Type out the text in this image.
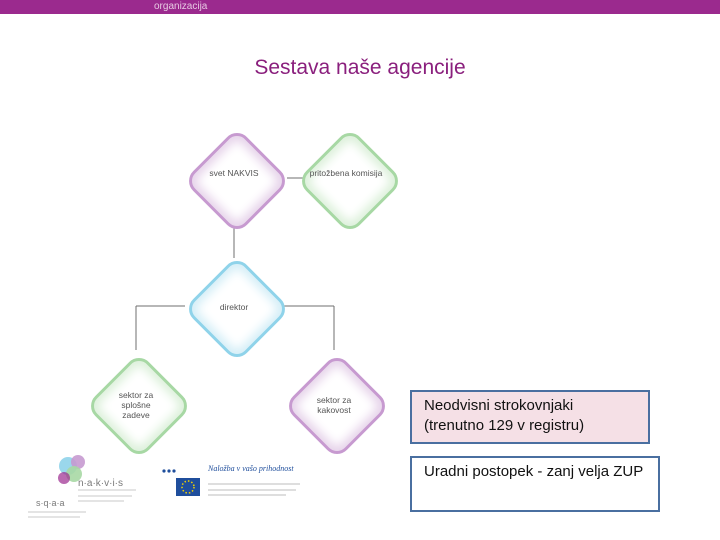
organizacija
Sestava naše agencije
svet NAKVIS	pritožbena komisija
direktor
sektor za splošne zadeve
sektor za kakovost	Neodvisni strokovnjaki (trenutno 129 v registru)
Uradni postopek - zanj velja ZUP
n·a·k·v·i·s
s·q·a·a
Naložba v vašo prihodnost
